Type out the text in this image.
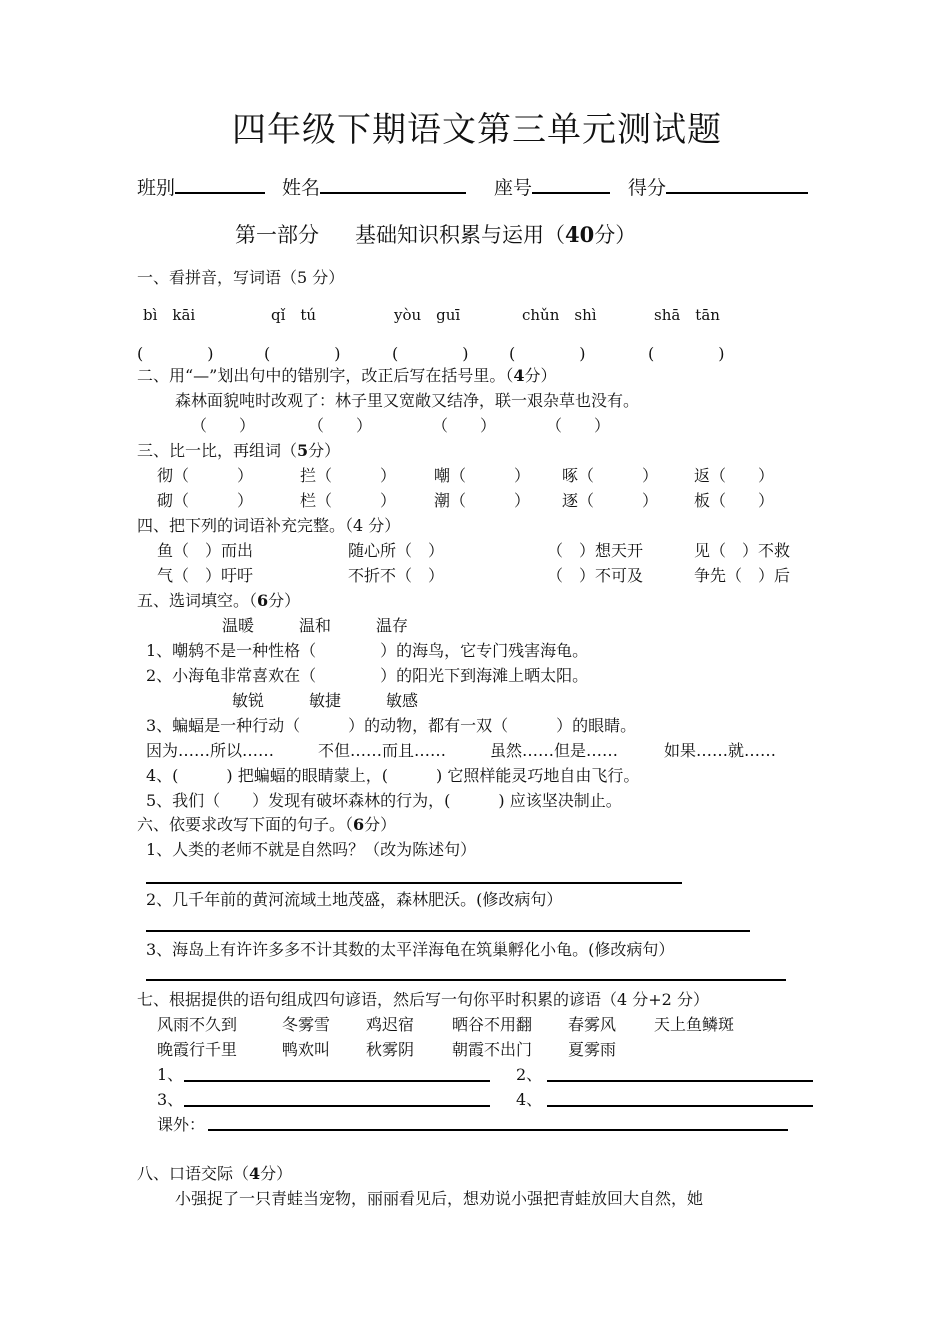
四年级下期语文第三单元测试题
班别	姓名	座号	得分
第一部分 基础知识积累与运用（40分）
一、看拼音，写词语（5 分）
bì　kāi	qǐ　tú	yòu　guī	chǔn　shì	shā　tān
(　　　　)	(　　　　)	(　　　　)	(　　　　)	(　　　　)
二、用“—”划出句中的错别字，改正后写在括号里。（4分）
森林面貌吨时改观了：林子里又宽敞又结净，联一艰杂草也没有。
（　　）	（　　）	（　　）	（　　）
三、比一比，再组词（5分）
彻（　　　）	拦（　　　） 嘲（　　　） 啄（　　　） 返（　　）
砌（　　　）	栏（　　　） 潮（　　　） 逐（　　　） 板（　　）
四、把下列的词语补充完整。（4 分）
鱼（　）而出	随心所（　）	（　）想天开	见（　）不救
气（　）吁吁	不折不（　）	（　）不可及	争先（　）后
五、选词填空。（6分）
温暖	温和	温存
1、嘲鸫不是一种性格（　　　　）的海鸟，它专门残害海龟。
2、小海龟非常喜欢在（　　　　）的阳光下到海滩上晒太阳。
敏锐	敏捷	敏感
3、蝙蝠是一种行动（　　　）的动物，都有一双（　　　）的眼睛。
因为……所以……	不但……而且……	虽然……但是……	如果……就……
4、(　　　) 把蝙蝠的眼睛蒙上，(　　　) 它照样能灵巧地自由飞行。
5、我们（　　）发现有破坏森林的行为，(　　　) 应该坚决制止。
六、依要求改写下面的句子。（6分）
1、人类的老师不就是自然吗？（改为陈述句）
2、几千年前的黄河流域土地茂盛，森林肥沃。(修改病句）
3、海岛上有许许多多不计其数的太平洋海龟在筑巢孵化小龟。(修改病句）
七、根据提供的语句组成四句谚语，然后写一句你平时积累的谚语（4 分+2 分）
风雨不久到	冬雾雪 鸡迟宿 晒谷不用翻 春雾风 天上鱼鳞斑
晚霞行千里	鸭欢叫 秋雾阴 朝霞不出门 夏雾雨
1、	2、
3、	4、
课外：
八、口语交际（4分）
小强捉了一只青蛙当宠物，丽丽看见后，想劝说小强把青蛙放回大自然，她
